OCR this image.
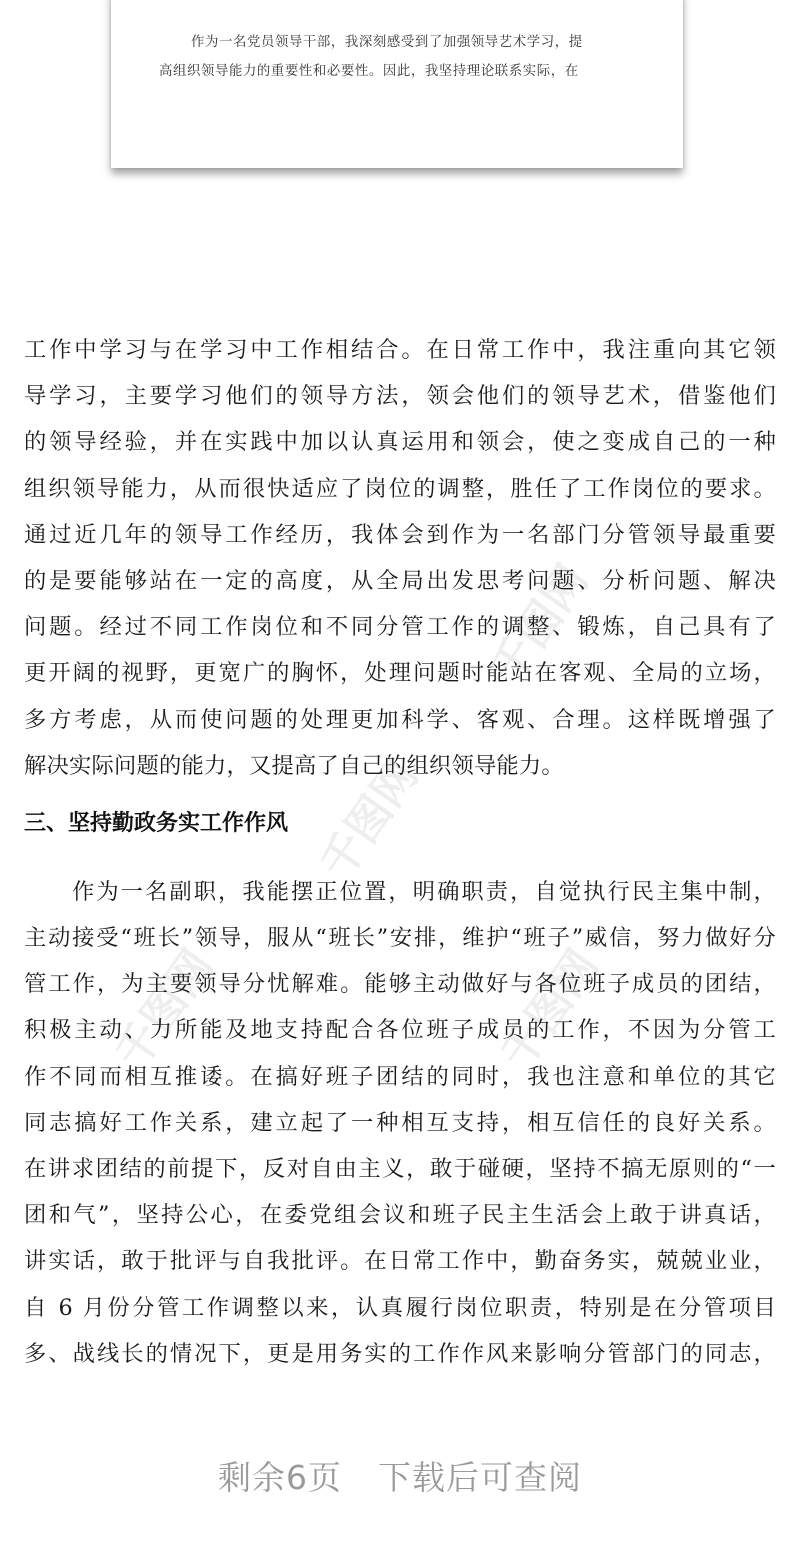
作为一名党员领导干部，我深刻感受到了加强领导艺术学习，提
高组织领导能力的重要性和必要性。因此，我坚持理论联系实际，在
千图网
千图网
千图网	千图网
工作中学习与在学习中工作相结合。在日常工作中，我注重向其它领
导学习，主要学习他们的领导方法，领会他们的领导艺术，借鉴他们
的领导经验，并在实践中加以认真运用和领会，使之变成自己的一种
组织领导能力，从而很快适应了岗位的调整，胜任了工作岗位的要求。
通过近几年的领导工作经历，我体会到作为一名部门分管领导最重要
的是要能够站在一定的高度，从全局出发思考问题、分析问题、解决
问题。经过不同工作岗位和不同分管工作的调整、锻炼，自己具有了
更开阔的视野，更宽广的胸怀，处理问题时能站在客观、全局的立场，
多方考虑，从而使问题的处理更加科学、客观、合理。这样既增强了
解决实际问题的能力，又提高了自己的组织领导能力。
三、坚持勤政务实工作作风
作为一名副职，我能摆正位置，明确职责，自觉执行民主集中制，
主动接受“班长”领导，服从“班长”安排，维护“班子”威信，努力做好分
管工作，为主要领导分忧解难。能够主动做好与各位班子成员的团结，
积极主动、力所能及地支持配合各位班子成员的工作，不因为分管工
作不同而相互推诿。在搞好班子团结的同时，我也注意和单位的其它
同志搞好工作关系，建立起了一种相互支持，相互信任的良好关系。
在讲求团结的前提下，反对自由主义，敢于碰硬，坚持不搞无原则的“一
团和气”，坚持公心，在委党组会议和班子民主生活会上敢于讲真话，
讲实话，敢于批评与自我批评。在日常工作中，勤奋务实，兢兢业业，
自 6 月份分管工作调整以来，认真履行岗位职责，特别是在分管项目
多、战线长的情况下，更是用务实的工作作风来影响分管部门的同志，
剩余6页 下载后可查阅
